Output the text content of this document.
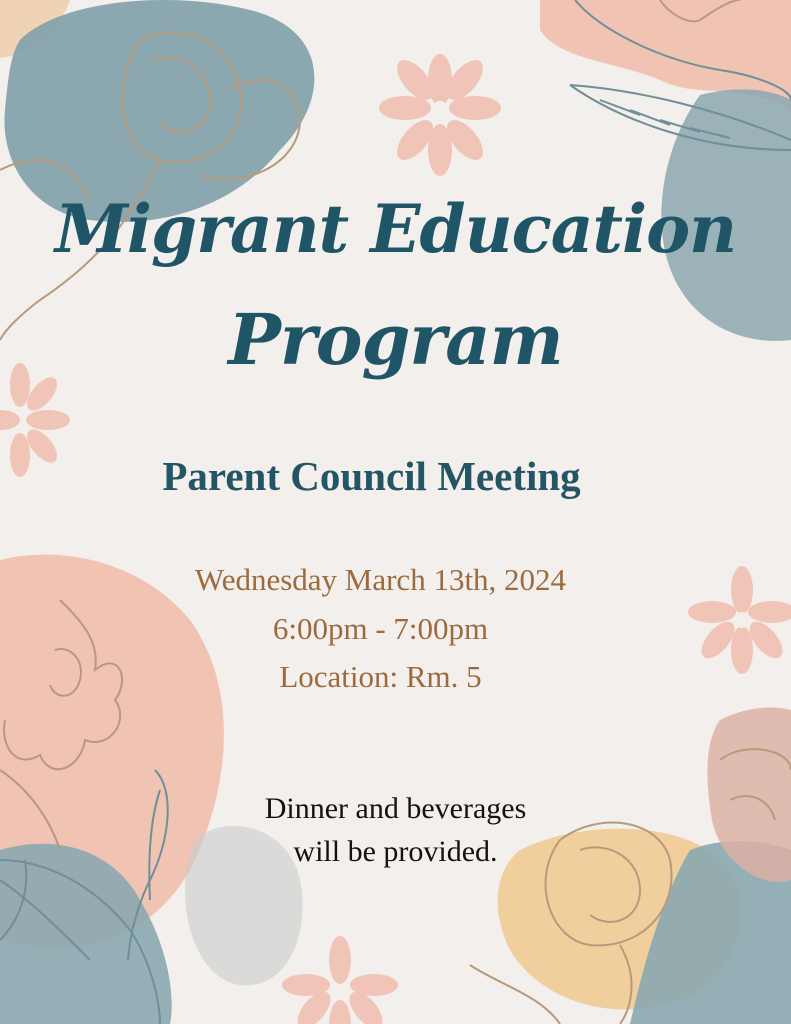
Migrant Education
Program
Parent Council Meeting

Wednesday March 13th, 2024

6:00pm - 7:00pm

Location: Rm. 5

Dinner and beverages

will be provided.
